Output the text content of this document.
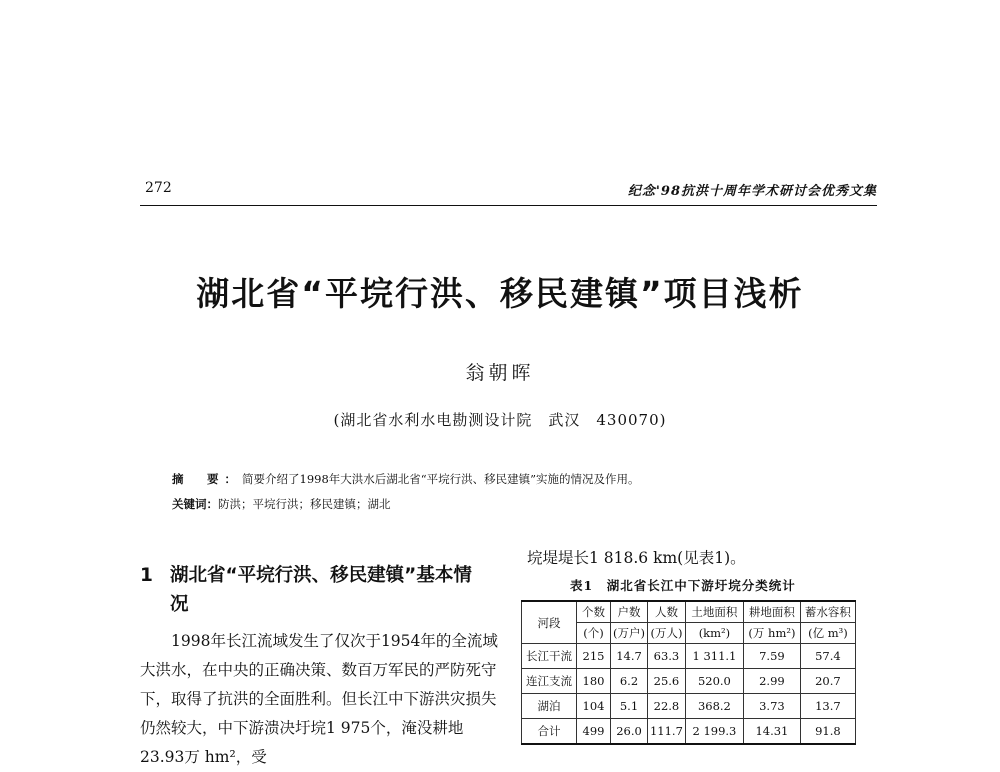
272	纪念'98抗洪十周年学术研讨会优秀文集
湖北省“平垸行洪、移民建镇”项目浅析
翁朝晖
(湖北省水利水电勘测设计院　武汉　430070)
摘　要：简要介绍了1998年大洪水后湖北省“平垸行洪、移民建镇”实施的情况及作用。
关键词：防洪；平垸行洪；移民建镇；湖北
1 湖北省“平垸行洪、移民建镇”基本情
况

1998年长江流域发生了仅次于1954年的全流域大洪水，在中央的正确决策、数百万军民的严防死守下，取得了抗洪的全面胜利。但长江中下游洪灾损失仍然较大，中下游溃决圩垸1 975个，淹没耕地23.93万 hm²，受

垸堤堤长1 818.6 km(见表1)。
表1　湖北省长江中下游圩垸分类统计
河段	个数	户数	人数	土地面积	耕地面积	蓄水容积
	(个)	(万户)	(万人)	(km²)	(万 hm²)	(亿 m³)
长江干流	215	14.7	63.3	1 311.1	7.59	57.4
连江支流	180	6.2	25.6	520.0	2.99	20.7
湖泊	104	5.1	22.8	368.2	3.73	13.7
合计	499	26.0	111.7	2 199.3	14.31	91.8
